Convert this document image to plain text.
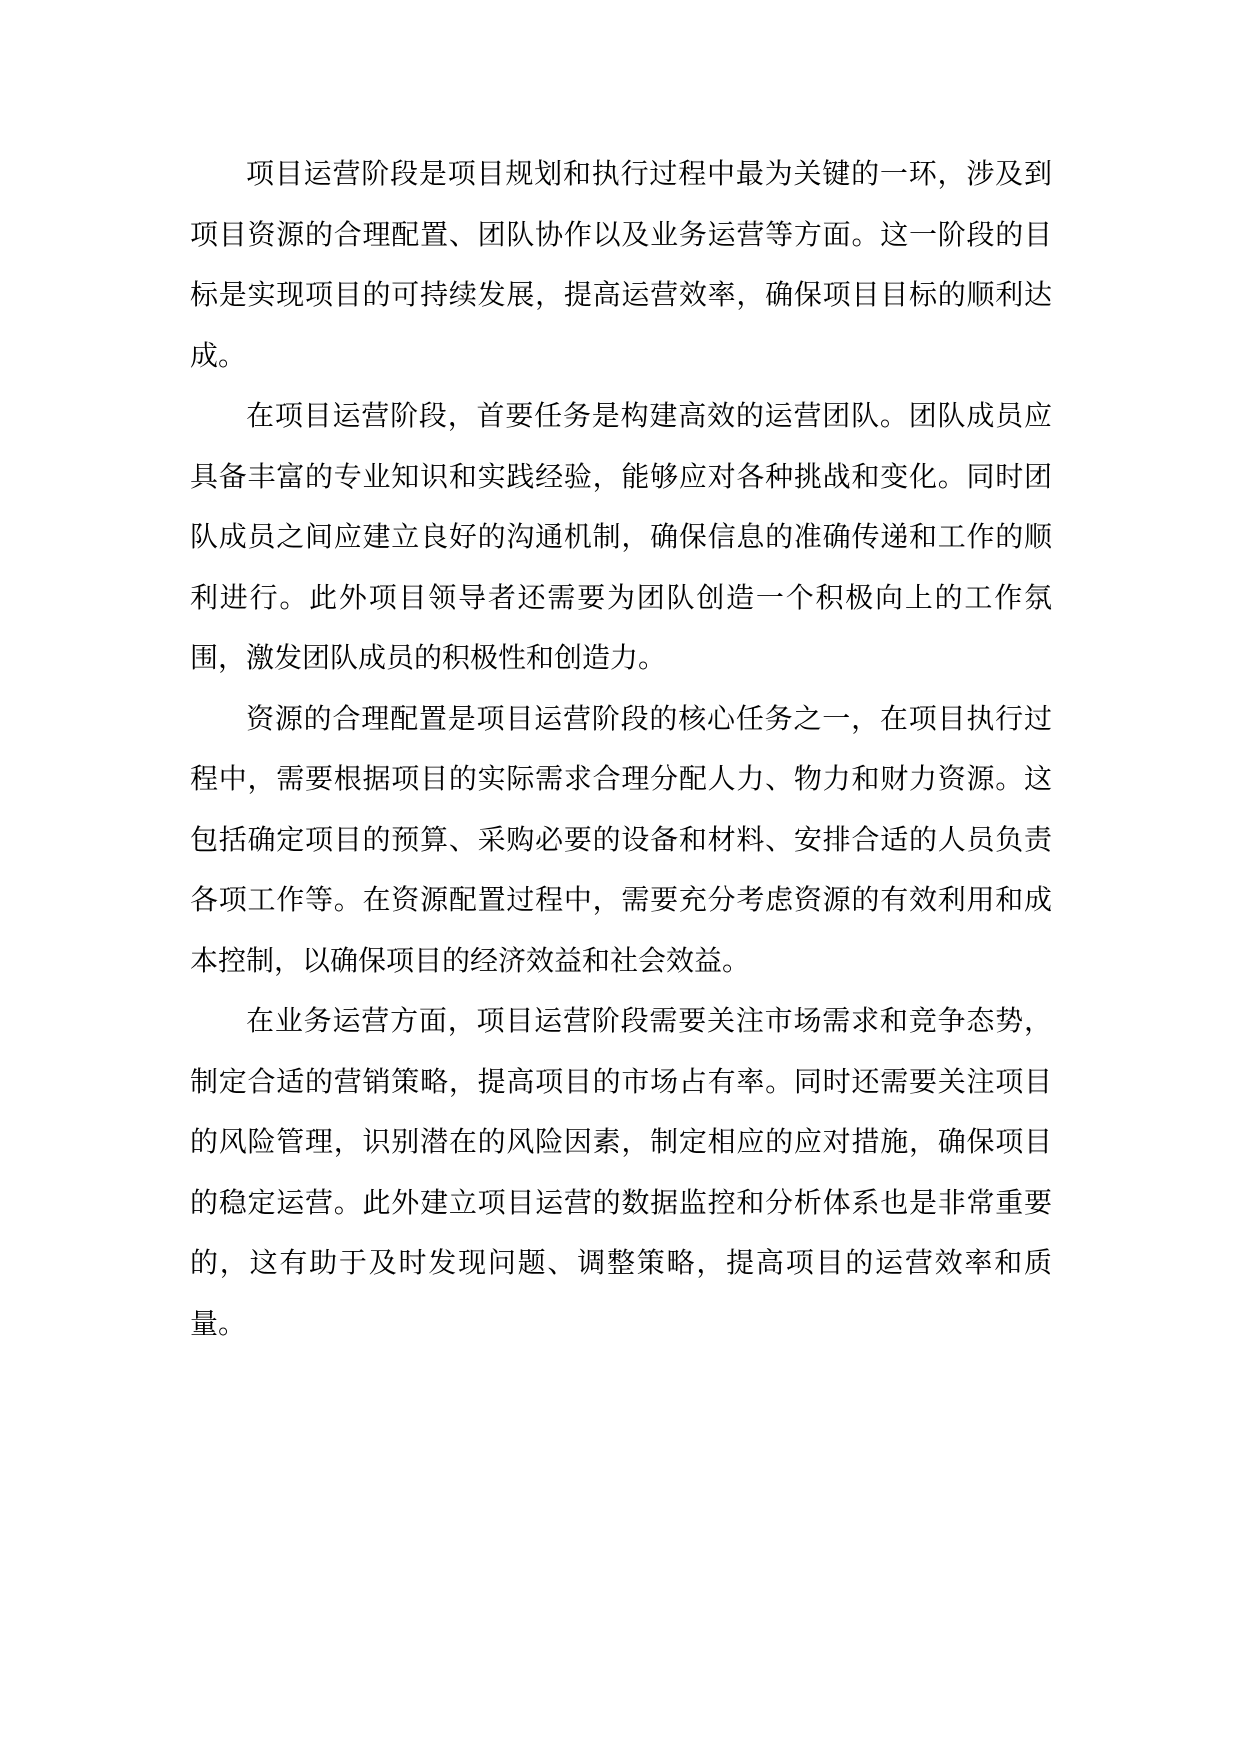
项目运营阶段是项目规划和执行过程中最为关键的一环，涉及到项目资源的合理配置、团队协作以及业务运营等方面。这一阶段的目标是实现项目的可持续发展，提高运营效率，确保项目目标的顺利达成。

在项目运营阶段，首要任务是构建高效的运营团队。团队成员应具备丰富的专业知识和实践经验，能够应对各种挑战和变化。同时团队成员之间应建立良好的沟通机制，确保信息的准确传递和工作的顺利进行。此外项目领导者还需要为团队创造一个积极向上的工作氛围，激发团队成员的积极性和创造力。

资源的合理配置是项目运营阶段的核心任务之一，在项目执行过程中，需要根据项目的实际需求合理分配人力、物力和财力资源。这包括确定项目的预算、采购必要的设备和材料、安排合适的人员负责各项工作等。在资源配置过程中，需要充分考虑资源的有效利用和成本控制，以确保项目的经济效益和社会效益。

在业务运营方面，项目运营阶段需要关注市场需求和竞争态势，制定合适的营销策略，提高项目的市场占有率。同时还需要关注项目的风险管理，识别潜在的风险因素，制定相应的应对措施，确保项目的稳定运营。此外建立项目运营的数据监控和分析体系也是非常重要的，这有助于及时发现问题、调整策略，提高项目的运营效率和质量。
